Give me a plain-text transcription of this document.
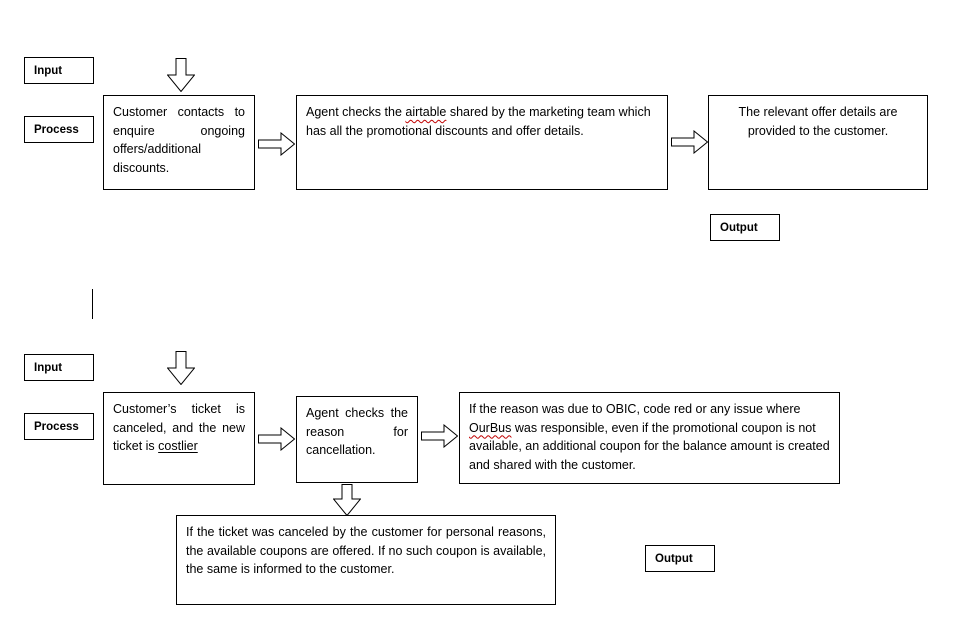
Input
Process
Customer contacts to enquire ongoing offers/additional discounts.
Agent checks the airtable shared by the marketing team which has all the promotional discounts and offer details.
The relevant offer details are provided to the customer.
Output
Input
Process
Customer’s ticket is canceled, and the new ticket is costlier
Agent checks the reason for cancellation.
If the reason was due to OBIC, code red or any issue where OurBus was responsible, even if the promotional coupon is not available, an additional coupon for the balance amount is created and shared with the customer.
If the ticket was canceled by the customer for personal reasons, the available coupons are offered. If no such coupon is available, the same is informed to the customer.
Output
